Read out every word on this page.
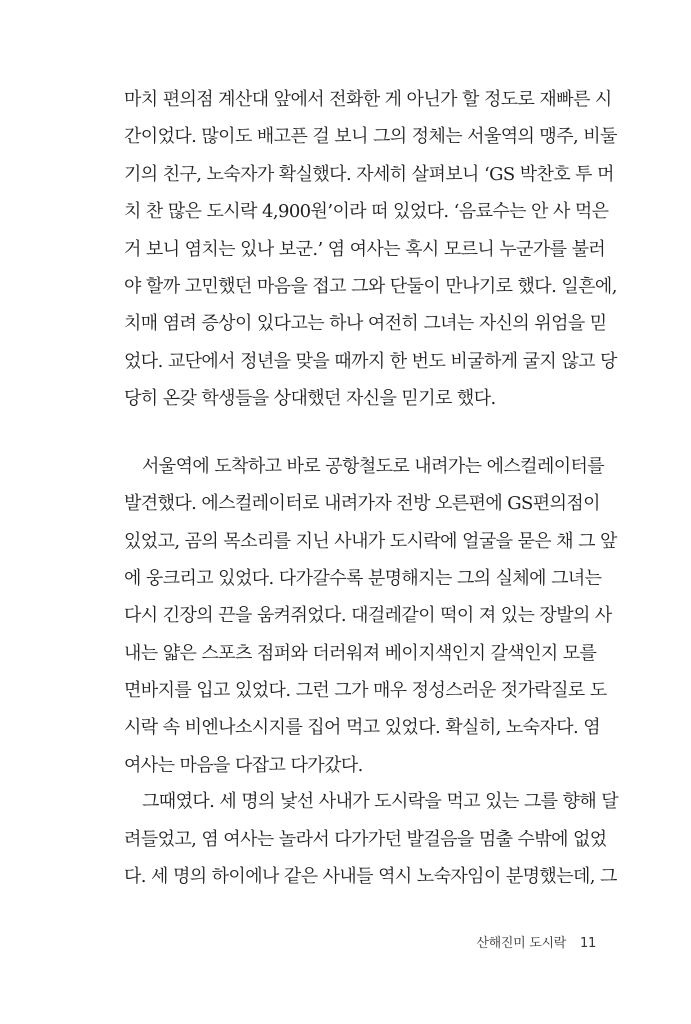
마치 편의점 계산대 앞에서 전화한 게 아닌가 할 정도로 재빠른 시
간이었다. 많이도 배고픈 걸 보니 그의 정체는 서울역의 맹주, 비둘
기의 친구, 노숙자가 확실했다. 자세히 살펴보니 ‘GS 박찬호 투 머
치 찬 많은 도시락 4,900원’이라 떠 있었다. ‘음료수는 안 사 먹은
거 보니 염치는 있나 보군.’ 염 여사는 혹시 모르니 누군가를 불러
야 할까 고민했던 마음을 접고 그와 단둘이 만나기로 했다. 일흔에,
치매 염려 증상이 있다고는 하나 여전히 그녀는 자신의 위엄을 믿
었다. 교단에서 정년을 맞을 때까지 한 번도 비굴하게 굴지 않고 당
당히 온갖 학생들을 상대했던 자신을 믿기로 했다.
서울역에 도착하고 바로 공항철도로 내려가는 에스컬레이터를
발견했다. 에스컬레이터로 내려가자 전방 오른편에 GS편의점이
있었고, 곰의 목소리를 지닌 사내가 도시락에 얼굴을 묻은 채 그 앞
에 웅크리고 있었다. 다가갈수록 분명해지는 그의 실체에 그녀는
다시 긴장의 끈을 움켜쥐었다. 대걸레같이 떡이 져 있는 장발의 사
내는 얇은 스포츠 점퍼와 더러워져 베이지색인지 갈색인지 모를
면바지를 입고 있었다. 그런 그가 매우 정성스러운 젓가락질로 도
시락 속 비엔나소시지를 집어 먹고 있었다. 확실히, 노숙자다. 염
여사는 마음을 다잡고 다가갔다.
그때였다. 세 명의 낯선 사내가 도시락을 먹고 있는 그를 향해 달
려들었고, 염 여사는 놀라서 다가가던 발걸음을 멈출 수밖에 없었
다. 세 명의 하이에나 같은 사내들 역시 노숙자임이 분명했는데, 그
산해진미 도시락 11
